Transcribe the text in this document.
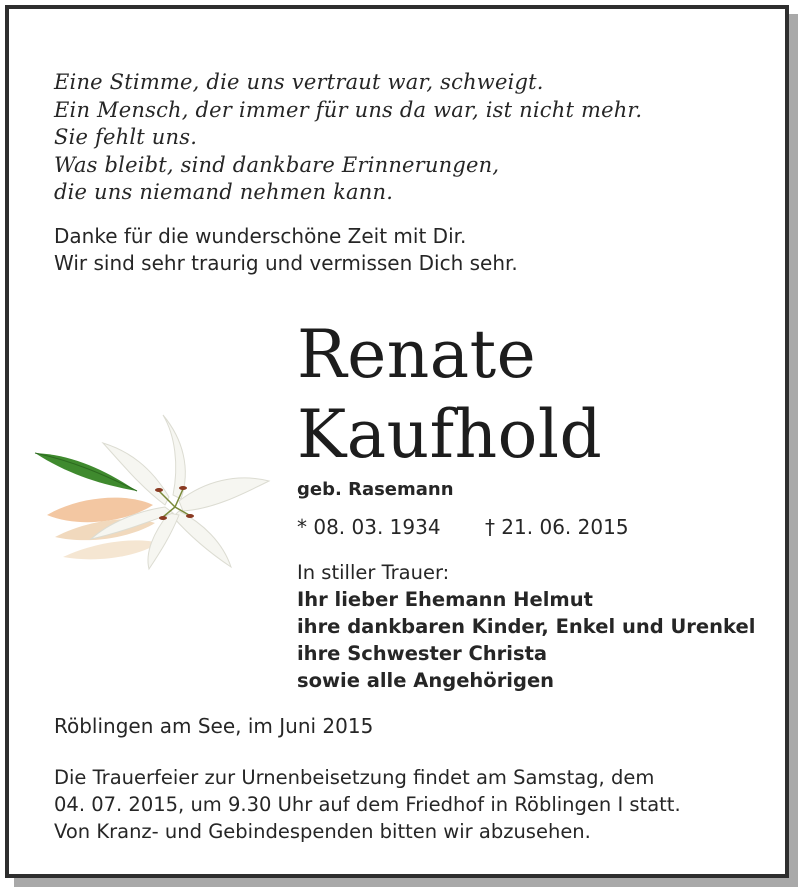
Eine Stimme, die uns vertraut war, schweigt.
Ein Mensch, der immer für uns da war, ist nicht mehr.
Sie fehlt uns.
Was bleibt, sind dankbare Erinnerungen,
die uns niemand nehmen kann.
Danke für die wunderschöne Zeit mit Dir.
Wir sind sehr traurig und vermissen Dich sehr.
Renate
Kaufhold
geb. Rasemann
* 08. 03. 1934 † 21. 06. 2015
In stiller Trauer:
Ihr lieber Ehemann Helmut
ihre dankbaren Kinder, Enkel und Urenkel
ihre Schwester Christa
sowie alle Angehörigen
Röblingen am See, im Juni 2015
Die Trauerfeier zur Urnenbeisetzung findet am Samstag, dem
04. 07. 2015, um 9.30 Uhr auf dem Friedhof in Röblingen I statt.
Von Kranz- und Gebindespenden bitten wir abzusehen.
